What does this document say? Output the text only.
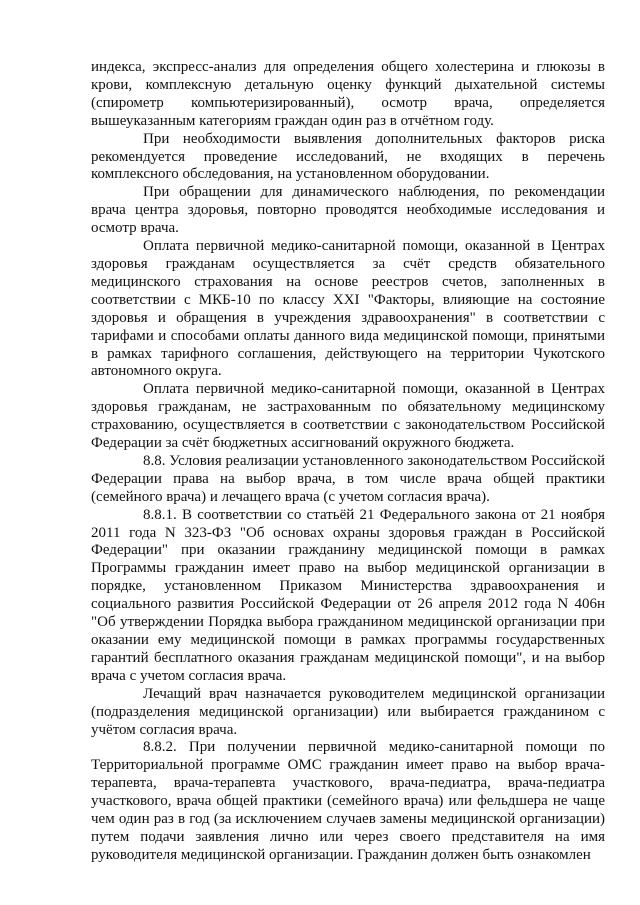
индекса, экспресс-анализ для определения общего холестерина и глюкозы в крови, комплексную детальную оценку функций дыхательной системы (спирометр компьютеризированный), осмотр врача, определяется вышеуказанным категориям граждан один раз в отчётном году.

При необходимости выявления дополнительных факторов риска рекомендуется проведение исследований, не входящих в перечень комплексного обследования, на установленном оборудовании.

При обращении для динамического наблюдения, по рекомендации врача центра здоровья, повторно проводятся необходимые исследования и осмотр врача.

Оплата первичной медико-санитарной помощи, оказанной в Центрах здоровья гражданам осуществляется за счёт средств обязательного медицинского страхования на основе реестров счетов, заполненных в соответствии с МКБ-10 по классу XXI "Факторы, влияющие на состояние здоровья и обращения в учреждения здравоохранения" в соответствии с тарифами и способами оплаты данного вида медицинской помощи, принятыми в рамках тарифного соглашения, действующего на территории Чукотского автономного округа.

Оплата первичной медико-санитарной помощи, оказанной в Центрах здоровья гражданам, не застрахованным по обязательному медицинскому страхованию, осуществляется в соответствии с законодательством Российской Федерации за счёт бюджетных ассигнований окружного бюджета.

8.8. Условия реализации установленного законодательством Российской Федерации права на выбор врача, в том числе врача общей практики (семейного врача) и лечащего врача (с учетом согласия врача).

8.8.1. В соответствии со статьёй 21 Федерального закона от 21 ноября 2011 года N 323-ФЗ "Об основах охраны здоровья граждан в Российской Федерации" при оказании гражданину медицинской помощи в рамках Программы гражданин имеет право на выбор медицинской организации в порядке, установленном Приказом Министерства здравоохранения и социального развития Российской Федерации от 26 апреля 2012 года N 406н "Об утверждении Порядка выбора гражданином медицинской организации при оказании ему медицинской помощи в рамках программы государственных гарантий бесплатного оказания гражданам медицинской помощи", и на выбор врача с учетом согласия врача.

Лечащий врач назначается руководителем медицинской организации (подразделения медицинской организации) или выбирается гражданином с учётом согласия врача.

8.8.2. При получении первичной медико-санитарной помощи по Территориальной программе ОМС гражданин имеет право на выбор врача-терапевта, врача-терапевта участкового, врача-педиатра, врача-педиатра участкового, врача общей практики (семейного врача) или фельдшера не чаще чем один раз в год (за исключением случаев замены медицинской организации) путем подачи заявления лично или через своего представителя на имя руководителя медицинской организации. Гражданин должен быть ознакомлен
